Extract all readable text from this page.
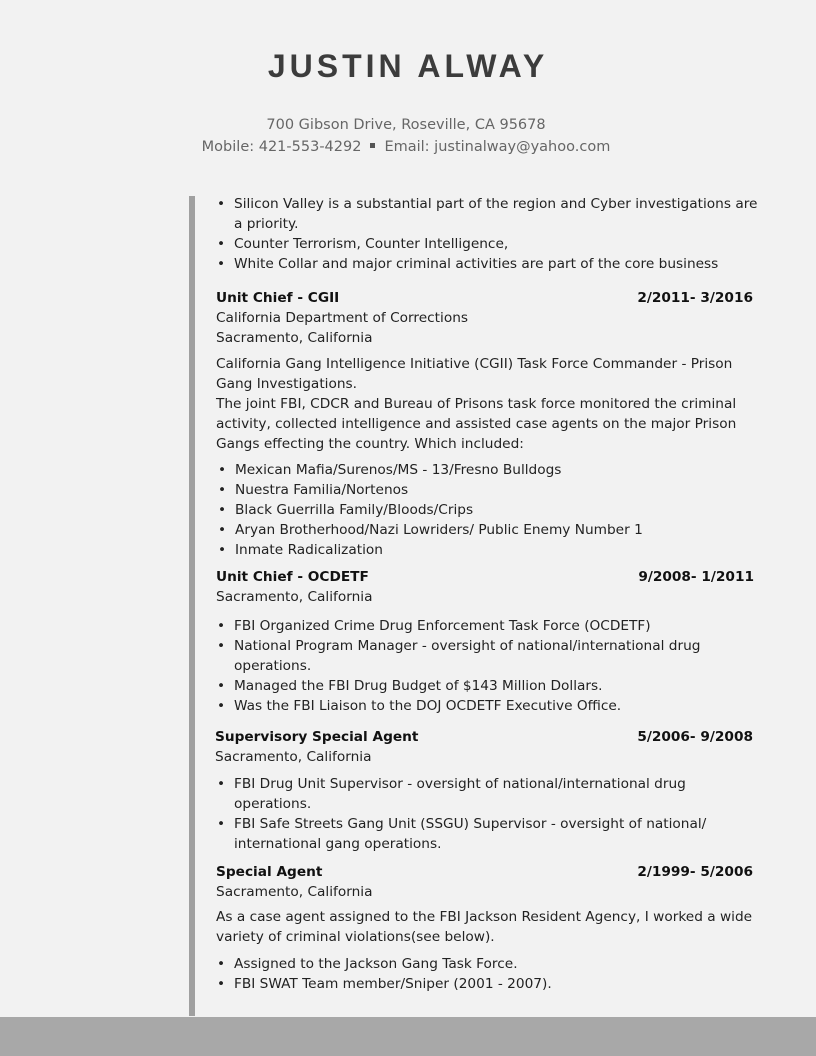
JUSTIN ALWAY
700 Gibson Drive, Roseville, CA 95678
Mobile: 421-553-4292 Email: justinalway@yahoo.com
• Silicon Valley is a substantial part of the region and Cyber investigations are
a priority.
• Counter Terrorism, Counter Intelligence,
• White Collar and major criminal activities are part of the core business
Unit Chief - CGII	2/2011- 3/2016
California Department of Corrections
Sacramento, California
California Gang Intelligence Initiative (CGII) Task Force Commander - Prison
Gang Investigations.
The joint FBI, CDCR and Bureau of Prisons task force monitored the criminal
activity, collected intelligence and assisted case agents on the major Prison
Gangs effecting the country. Which included:
• Mexican Mafia/Surenos/MS - 13/Fresno Bulldogs
• Nuestra Familia/Nortenos
• Black Guerrilla Family/Bloods/Crips
• Aryan Brotherhood/Nazi Lowriders/ Public Enemy Number 1
• Inmate Radicalization
Unit Chief - OCDETF	9/2008- 1/2011
Sacramento, California
• FBI Organized Crime Drug Enforcement Task Force (OCDETF)
• National Program Manager - oversight of national/international drug
operations.
• Managed the FBI Drug Budget of $143 Million Dollars.
• Was the FBI Liaison to the DOJ OCDETF Executive Office.
Supervisory Special Agent	5/2006- 9/2008
Sacramento, California
• FBI Drug Unit Supervisor - oversight of national/international drug
operations.
• FBI Safe Streets Gang Unit (SSGU) Supervisor - oversight of national/
international gang operations.
Special Agent	2/1999- 5/2006
Sacramento, California
As a case agent assigned to the FBI Jackson Resident Agency, I worked a wide
variety of criminal violations(see below).
• Assigned to the Jackson Gang Task Force.
• FBI SWAT Team member/Sniper (2001 - 2007).
